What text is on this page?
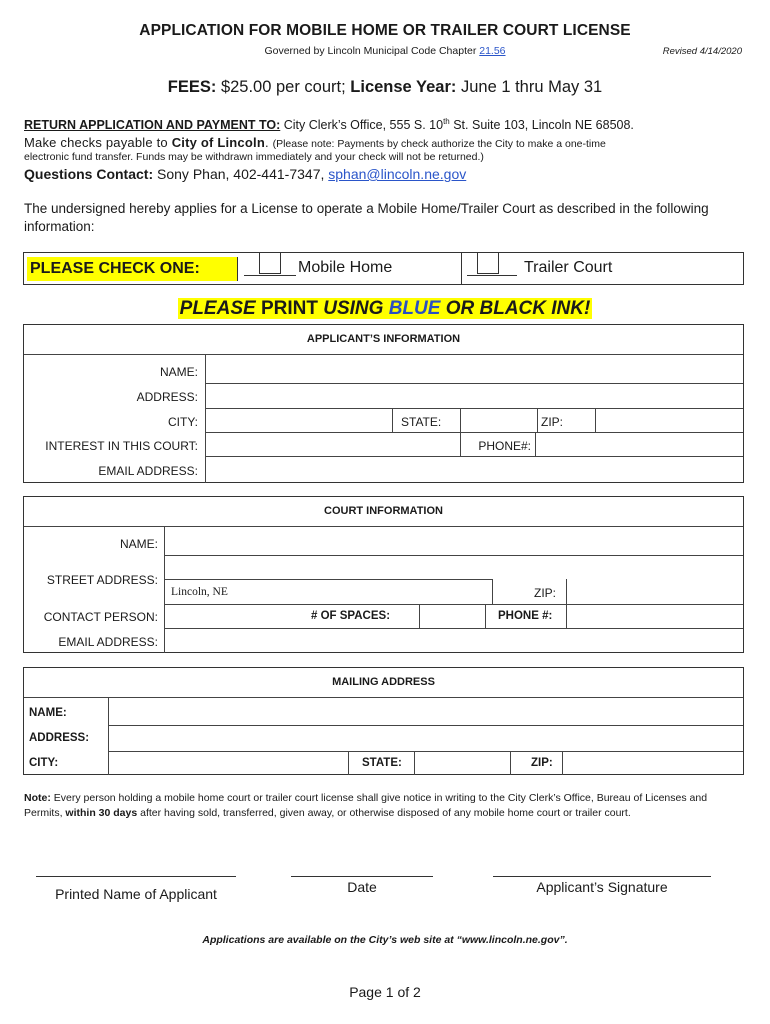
APPLICATION FOR MOBILE HOME OR TRAILER COURT LICENSE
Governed by Lincoln Municipal Code Chapter 21.56	Revised 4/14/2020
FEES: $25.00 per court; License Year: June 1 thru May 31
RETURN APPLICATION AND PAYMENT TO: City Clerk’s Office, 555 S. 10th St. Suite 103, Lincoln NE 68508.
Make checks payable to City of Lincoln. (Please note: Payments by check authorize the City to make a one-time
electronic fund transfer. Funds may be withdrawn immediately and your check will not be returned.)
Questions Contact: Sony Phan, 402-441-7347, sphan@lincoln.ne.gov
The undersigned hereby applies for a License to operate a Mobile Home/Trailer Court as described in the following information:
PLEASE CHECK ONE:	Mobile Home	Trailer Court
PLEASE PRINT USING BLUE OR BLACK INK!
APPLICANT’S INFORMATION
NAME:
ADDRESS:
CITY:	STATE:	ZIP:
INTEREST IN THIS COURT:	PHONE#:
EMAIL ADDRESS:
COURT INFORMATION
NAME:
STREET ADDRESS:
Lincoln, NE	ZIP:
CONTACT PERSON:	# OF SPACES:	PHONE #:
EMAIL ADDRESS:
MAILING ADDRESS
NAME:
ADDRESS:
CITY:	STATE:	ZIP:
Note: Every person holding a mobile home court or trailer court license shall give notice in writing to the City Clerk’s Office, Bureau of Licenses and Permits, within 30 days after having sold, transferred, given away, or otherwise disposed of any mobile home court or trailer court.
Printed Name of Applicant	Date	Applicant’s Signature
Applications are available on the City’s web site at “www.lincoln.ne.gov”.
Page 1 of 2
